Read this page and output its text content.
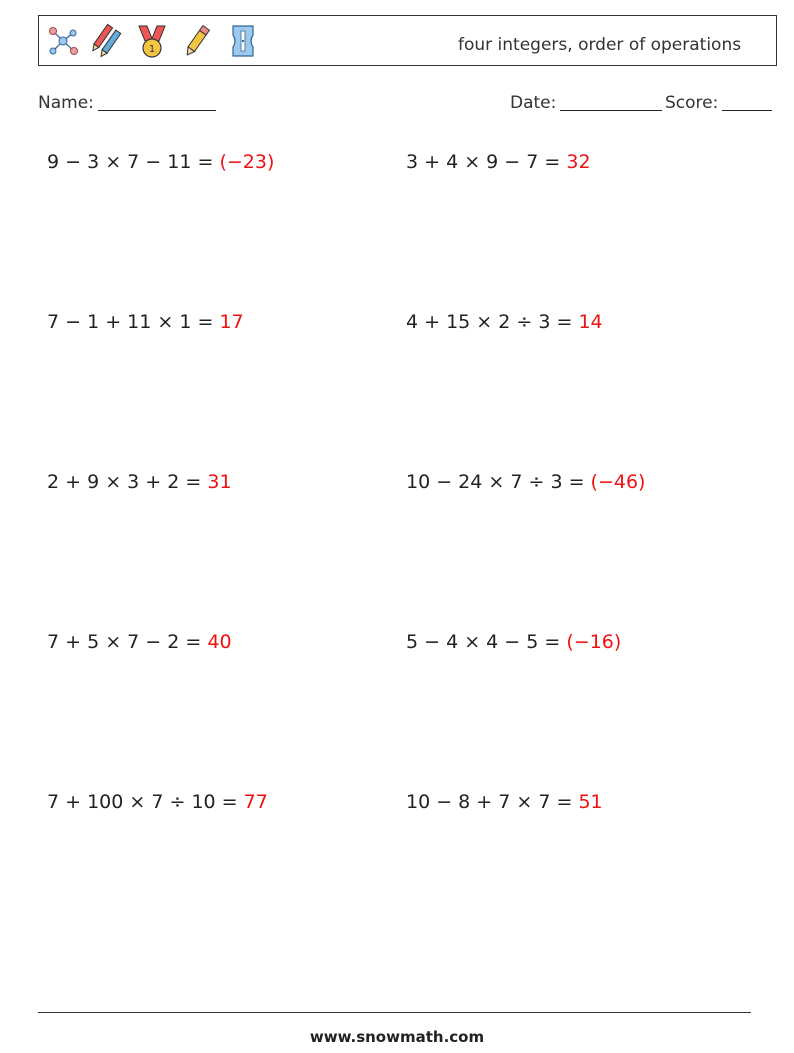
1	four integers, order of operations
Name:	Date:	Score:
9 − 3 × 7 − 11 = (−23)	3 + 4 × 9 − 7 = 32
7 − 1 + 11 × 1 = 17	4 + 15 × 2 ÷ 3 = 14
2 + 9 × 3 + 2 = 31	10 − 24 × 7 ÷ 3 = (−46)
7 + 5 × 7 − 2 = 40	5 − 4 × 4 − 5 = (−16)
7 + 100 × 7 ÷ 10 = 77	10 − 8 + 7 × 7 = 51
www.snowmath.com
